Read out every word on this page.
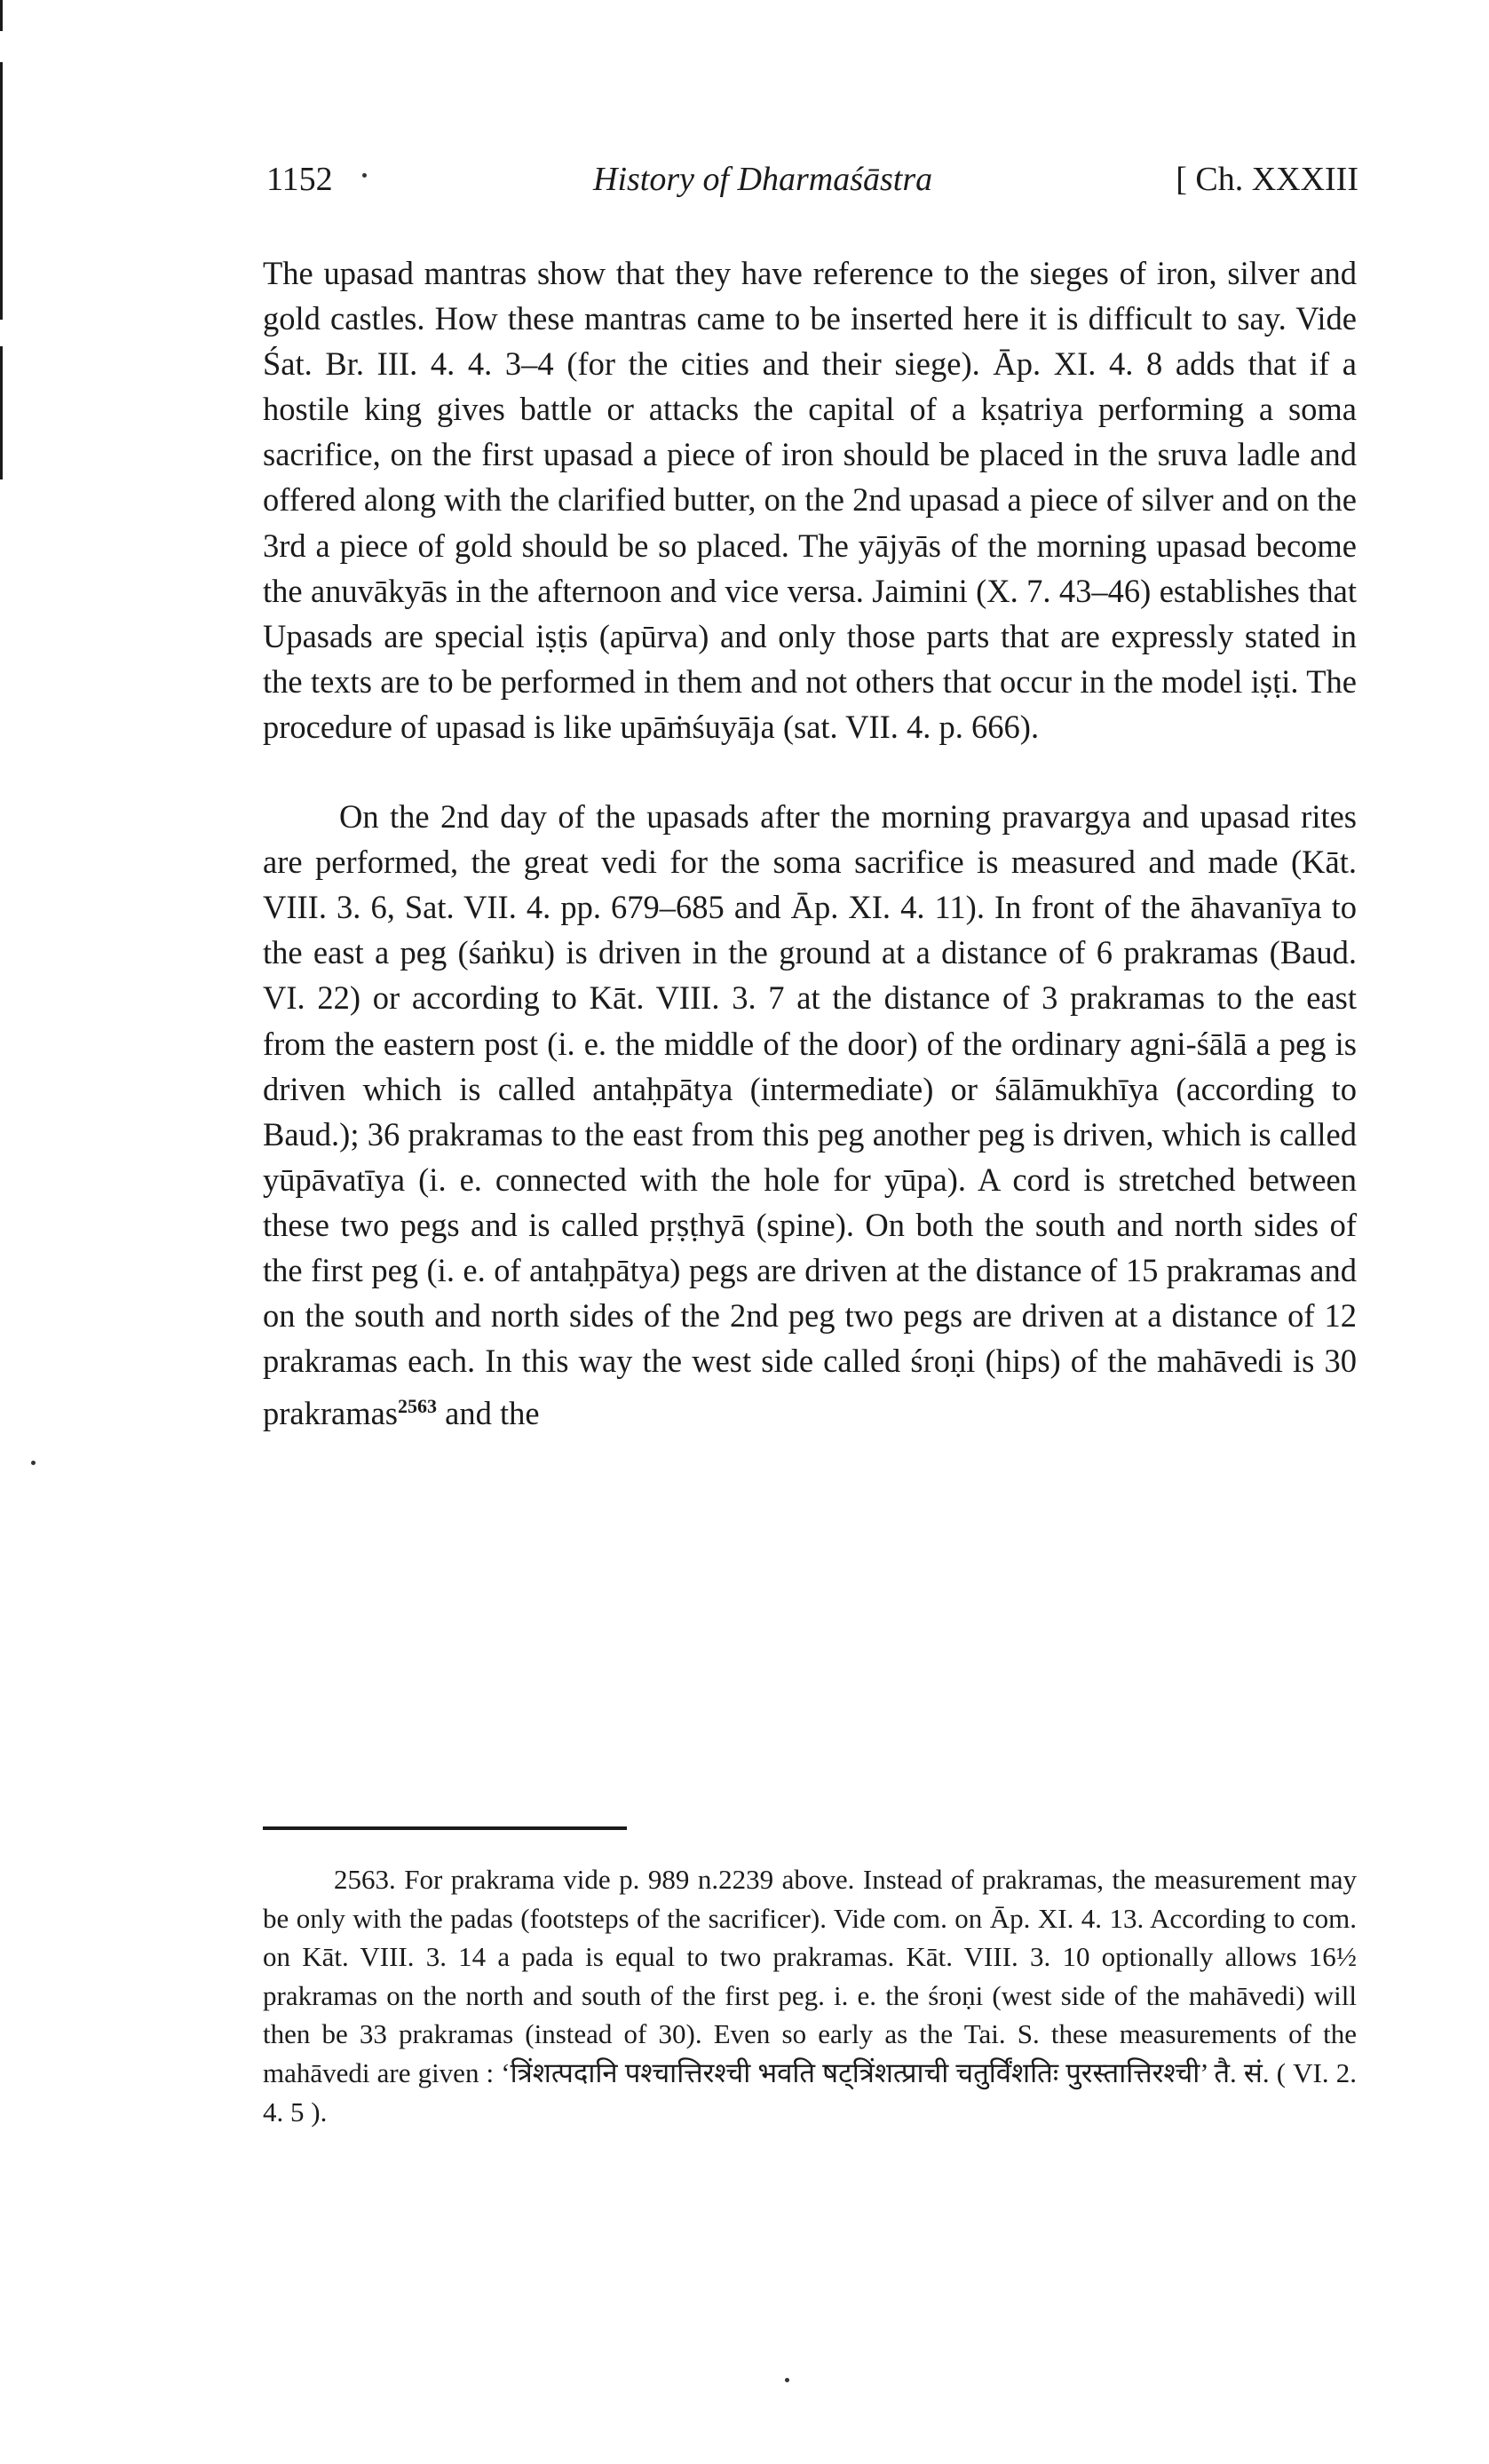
1152	History of Dharmaśāstra	[ Ch. XXXIII

The upasad mantras show that they have reference to the sieges of iron, silver and gold castles. How these mantras came to be inserted here it is difficult to say. Vide Śat. Br. III. 4. 4. 3–4 (for the cities and their siege). Āp. XI. 4. 8 adds that if a hostile king gives battle or attacks the capital of a kṣatriya performing a soma sacrifice, on the first upasad a piece of iron should be placed in the sruva ladle and offered along with the clarified butter, on the 2nd upasad a piece of silver and on the 3rd a piece of gold should be so placed. The yājyās of the morning upasad become the anuvākyās in the afternoon and vice versa. Jaimini (X. 7. 43–46) establishes that Upasads are special iṣṭis (apūrva) and only those parts that are expressly stated in the texts are to be performed in them and not others that occur in the model iṣṭi. The procedure of upasad is like upāṁśuyāja (sat. VII. 4. p. 666).

On the 2nd day of the upasads after the morning pravargya and upasad rites are performed, the great vedi for the soma sacrifice is measured and made (Kāt. VIII. 3. 6, Sat. VII. 4. pp. 679–685 and Āp. XI. 4. 11). In front of the āhavanīya to the east a peg (śaṅku) is driven in the ground at a distance of 6 prakramas (Baud. VI. 22) or according to Kāt. VIII. 3. 7 at the distance of 3 prakramas to the east from the eastern post (i. e. the middle of the door) of the ordinary agni-śālā a peg is driven which is called antaḥpātya (intermediate) or śālāmukhīya (according to Baud.); 36 prakramas to the east from this peg another peg is driven, which is called yūpāvatīya (i. e. connected with the hole for yūpa). A cord is stretched between these two pegs and is called pṛṣṭhyā (spine). On both the south and north sides of the first peg (i. e. of antaḥpātya) pegs are driven at the distance of 15 prakramas and on the south and north sides of the 2nd peg two pegs are driven at a distance of 12 prakramas each. In this way the west side called śroṇi (hips) of the mahāvedi is 30 prakramas$^{2563}$ and the

2563. For prakrama vide p. 989 n.2239 above. Instead of prakramas, the measurement may be only with the padas (footsteps of the sacrificer). Vide com. on Āp. XI. 4. 13. According to com. on Kāt. VIII. 3. 14 a pada is equal to two prakramas. Kāt. VIII. 3. 10 optionally allows 16½ prakramas on the north and south of the first peg. i. e. the śroṇi (west side of the mahāvedi) will then be 33 prakramas (instead of 30). Even so early as the Tai. S. these measurements of the mahāvedi are given : ‘त्रिंशत्पदानि पश्चात्तिरश्ची भवति षट्त्रिंशत्प्राची चतुर्विंशतिः पुरस्तात्तिरश्ची’ तै. सं. ( VI. 2. 4. 5 ).
